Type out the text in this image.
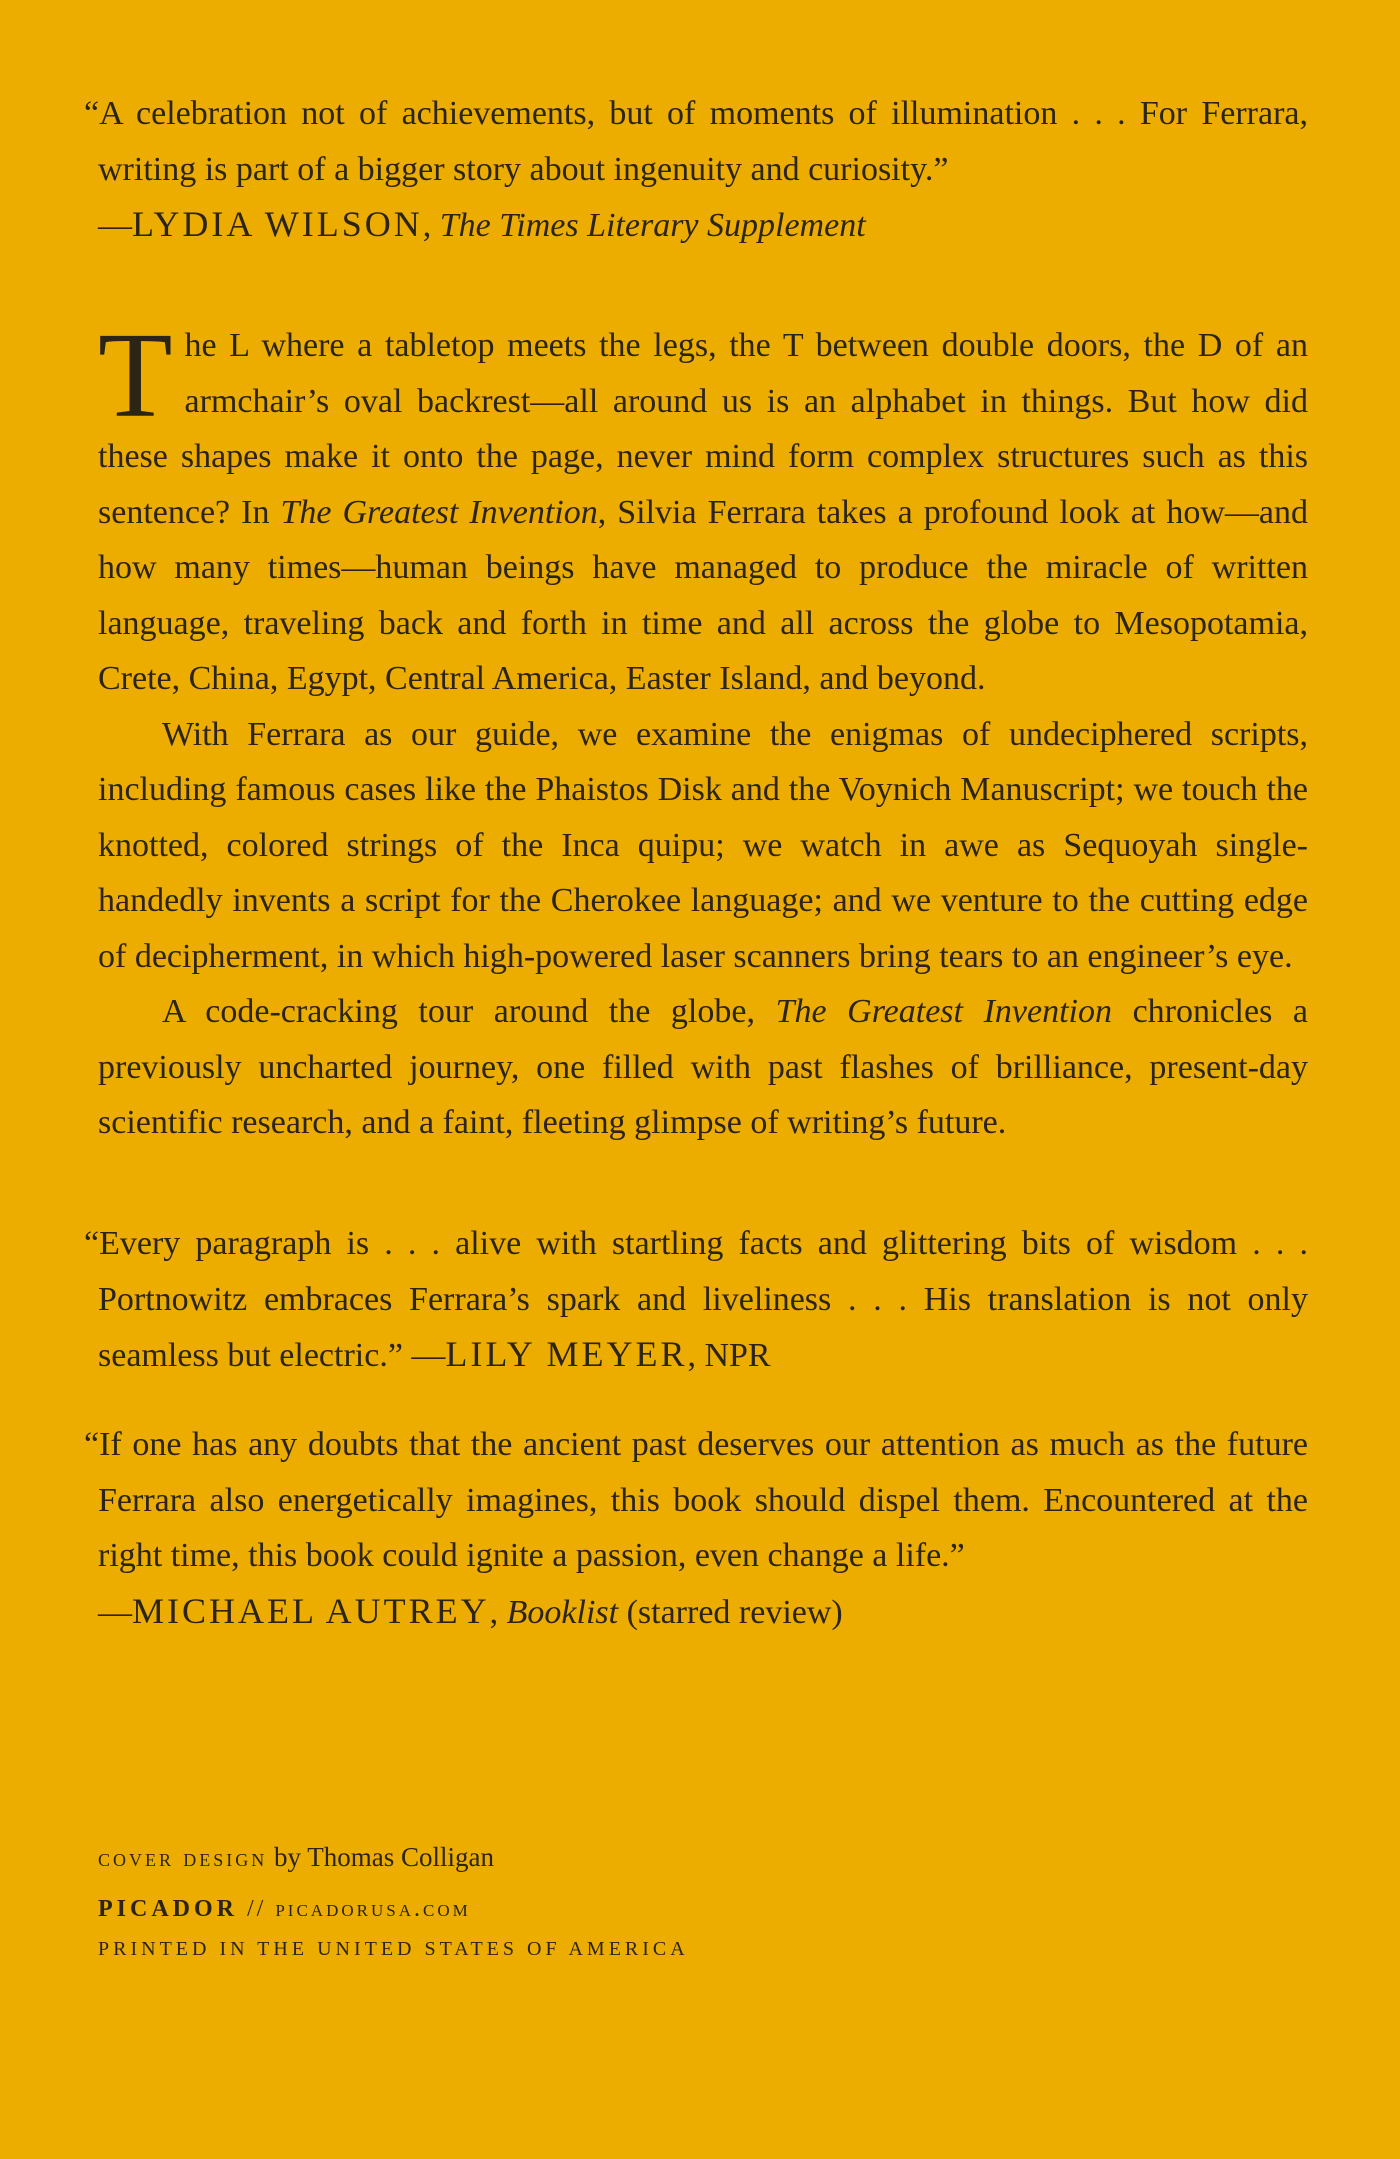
“A celebration not of achievements, but of moments of illumination . . . For Ferrara, writing is part of a bigger story about ingenuity and curiosity.”

—LYDIA WILSON, The Times Literary Supplement

The L where a tabletop meets the legs, the T between double doors, the D of an armchair’s oval backrest—all around us is an alphabet in things. But how did these shapes make it onto the page, never mind form complex structures such as this sentence? In The Greatest Invention, Silvia Ferrara takes a profound look at how—and how many times—human beings have managed to produce the miracle of written language, traveling back and forth in time and all across the globe to Mesopotamia, Crete, China, Egypt, Central America, Easter Island, and beyond.

With Ferrara as our guide, we examine the enigmas of undeciphered scripts, including famous cases like the Phaistos Disk and the Voynich Manuscript; we touch the knotted, colored strings of the Inca quipu; we watch in awe as Sequoyah single-handedly invents a script for the Cherokee language; and we venture to the cutting edge of decipherment, in which high-powered laser scanners bring tears to an engineer’s eye.

A code-cracking tour around the globe, The Greatest Invention chronicles a previously uncharted journey, one filled with past flashes of brilliance, present-day scientific research, and a faint, fleeting glimpse of writing’s future.

“Every paragraph is . . . alive with startling facts and glittering bits of wisdom . . . Portnowitz embraces Ferrara’s spark and liveliness . . . His translation is not only seamless but electric.” —LILY MEYER, NPR

“If one has any doubts that the ancient past deserves our attention as much as the future Ferrara also energetically imagines, this book should dispel them. Encountered at the right time, this book could ignite a passion, even change a life.”

—MICHAEL AUTREY, Booklist (starred review)

cover design by Thomas Colligan
PICADOR // picadorusa.com
PRINTED IN THE UNITED STATES OF AMERICA
